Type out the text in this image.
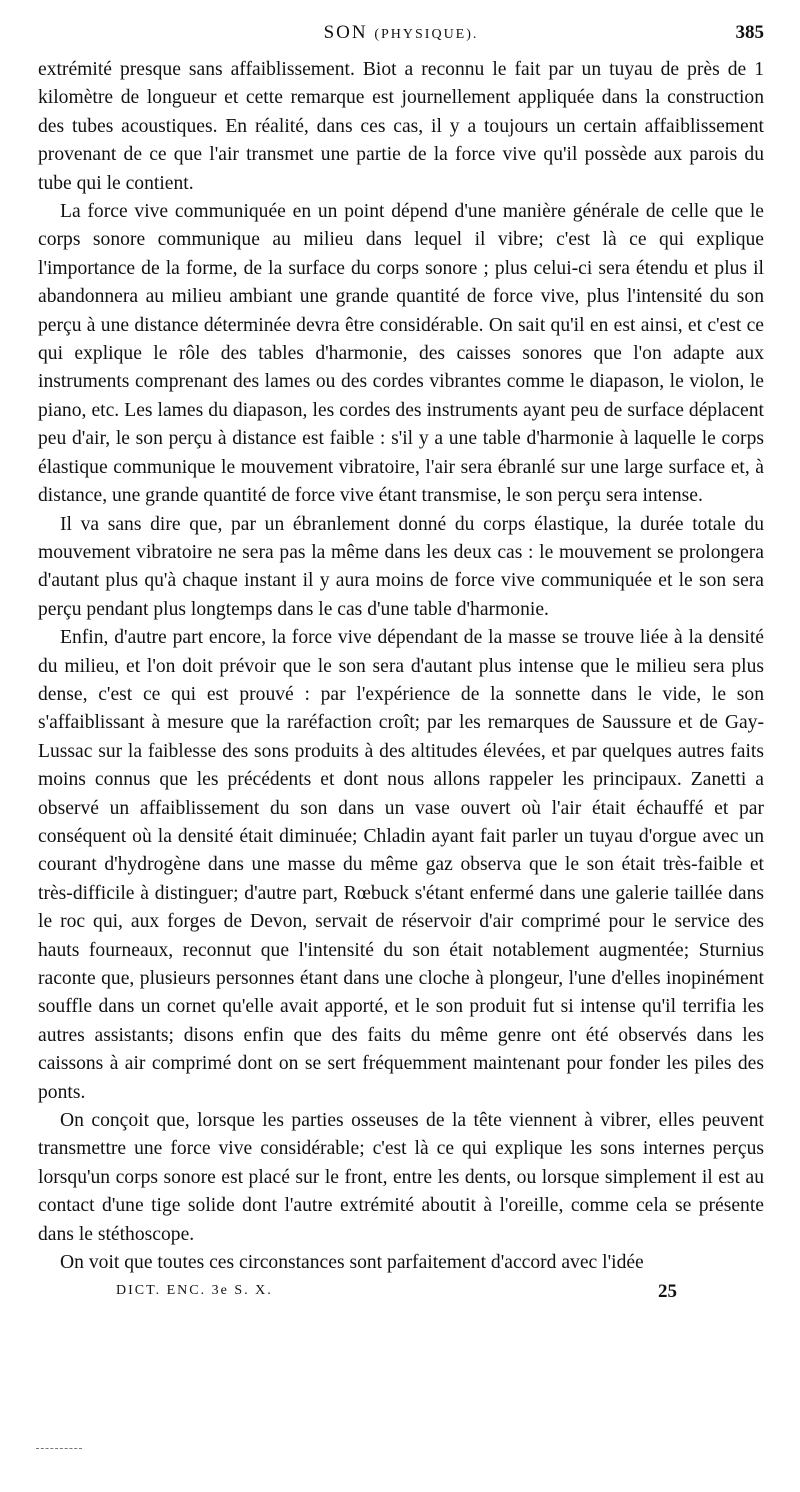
SON (PHYSIQUE).	385

extrémité presque sans affaiblissement. Biot a reconnu le fait par un tuyau de près de 1 kilomètre de longueur et cette remarque est journellement appliquée dans la construction des tubes acoustiques. En réalité, dans ces cas, il y a toujours un certain affaiblissement provenant de ce que l'air transmet une partie de la force vive qu'il possède aux parois du tube qui le contient.

La force vive communiquée en un point dépend d'une manière générale de celle que le corps sonore communique au milieu dans lequel il vibre; c'est là ce qui explique l'importance de la forme, de la surface du corps sonore ; plus celui-ci sera étendu et plus il abandonnera au milieu ambiant une grande quantité de force vive, plus l'intensité du son perçu à une distance déterminée devra être considérable. On sait qu'il en est ainsi, et c'est ce qui explique le rôle des tables d'harmonie, des caisses sonores que l'on adapte aux instruments comprenant des lames ou des cordes vibrantes comme le diapason, le violon, le piano, etc. Les lames du diapason, les cordes des instruments ayant peu de surface déplacent peu d'air, le son perçu à distance est faible : s'il y a une table d'harmonie à laquelle le corps élastique communique le mouvement vibratoire, l'air sera ébranlé sur une large surface et, à distance, une grande quantité de force vive étant transmise, le son perçu sera intense.

Il va sans dire que, par un ébranlement donné du corps élastique, la durée totale du mouvement vibratoire ne sera pas la même dans les deux cas : le mouvement se prolongera d'autant plus qu'à chaque instant il y aura moins de force vive communiquée et le son sera perçu pendant plus longtemps dans le cas d'une table d'harmonie.

Enfin, d'autre part encore, la force vive dépendant de la masse se trouve liée à la densité du milieu, et l'on doit prévoir que le son sera d'autant plus intense que le milieu sera plus dense, c'est ce qui est prouvé : par l'expérience de la sonnette dans le vide, le son s'affaiblissant à mesure que la raréfaction croît; par les remarques de Saussure et de Gay-Lussac sur la faiblesse des sons produits à des altitudes élevées, et par quelques autres faits moins connus que les précédents et dont nous allons rappeler les principaux. Zanetti a observé un affaiblissement du son dans un vase ouvert où l'air était échauffé et par conséquent où la densité était diminuée; Chladin ayant fait parler un tuyau d'orgue avec un courant d'hydrogène dans une masse du même gaz observa que le son était très-faible et très-difficile à distinguer; d'autre part, Rœbuck s'étant enfermé dans une galerie taillée dans le roc qui, aux forges de Devon, servait de réservoir d'air comprimé pour le service des hauts fourneaux, reconnut que l'intensité du son était notablement augmentée; Sturnius raconte que, plusieurs personnes étant dans une cloche à plongeur, l'une d'elles inopinément souffle dans un cornet qu'elle avait apporté, et le son produit fut si intense qu'il terrifia les autres assistants; disons enfin que des faits du même genre ont été observés dans les caissons à air comprimé dont on se sert fréquemment maintenant pour fonder les piles des ponts.

On conçoit que, lorsque les parties osseuses de la tête viennent à vibrer, elles peuvent transmettre une force vive considérable; c'est là ce qui explique les sons internes perçus lorsqu'un corps sonore est placé sur le front, entre les dents, ou lorsque simplement il est au contact d'une tige solide dont l'autre extrémité aboutit à l'oreille, comme cela se présente dans le stéthoscope.

On voit que toutes ces circonstances sont parfaitement d'accord avec l'idée

DICT. ENC. 3e S. X.	25
